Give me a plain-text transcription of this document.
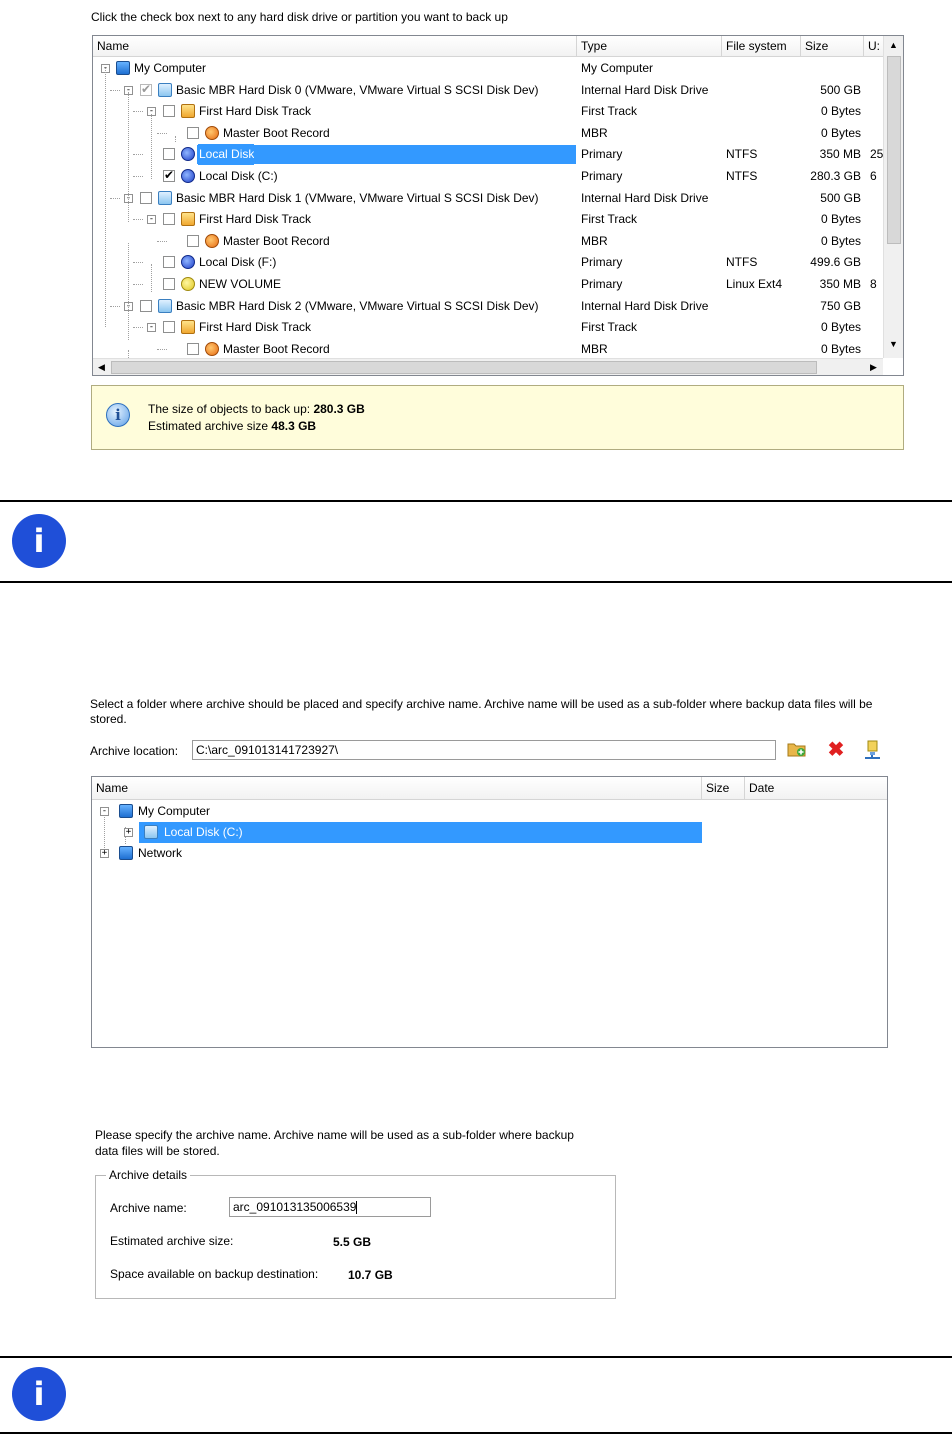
Click the check box next to any hard disk drive or partition you want to back up
Name	Type	File system	Size	U:
- My Computer	My Computer
-
✔	Basic MBR Hard Disk 0 (VMware, VMware Virtual S SCSI Disk Dev)	Internal Hard Disk Drive	500 GB
-	First Hard Disk Track	First Track	0 Bytes
Master Boot Record	MBR	0 Bytes
Local Disk	Primary	NTFS	350 MB 25
✔
Local Disk (C:)	Primary	NTFS	280.3 GB 6
-	Basic MBR Hard Disk 1 (VMware, VMware Virtual S SCSI Disk Dev)	Internal Hard Disk Drive	500 GB
-	First Hard Disk Track	First Track	0 Bytes
Master Boot Record	MBR	0 Bytes
Local Disk (F:)	Primary	NTFS	499.6 GB
NEW VOLUME	Primary	Linux Ext4	350 MB 8
-	Basic MBR Hard Disk 2 (VMware, VMware Virtual S SCSI Disk Dev)	Internal Hard Disk Drive	750 GB
-	First Hard Disk Track	First Track	0 Bytes
Master Boot Record	MBR	0 Bytes
▲
▼
◀	▶
i	The size of objects to back up: 280.3 GB
Estimated archive size 48.3 GB
i
Select a folder where archive should be placed and specify archive name. Archive name will be used as a sub-folder where backup data files will be stored.
Archive location:	C:\arc_091013141723927\	✖
Name	Size	Date
-	My Computer
+	Local Disk (C:)
+	Network
Please specify the archive name. Archive name will be used as a sub-folder where backup
data files will be stored.
Archive details
Archive name:	arc_091013135006539
Estimated archive size:	5.5 GB
Space available on backup destination: 10.7 GB
i
